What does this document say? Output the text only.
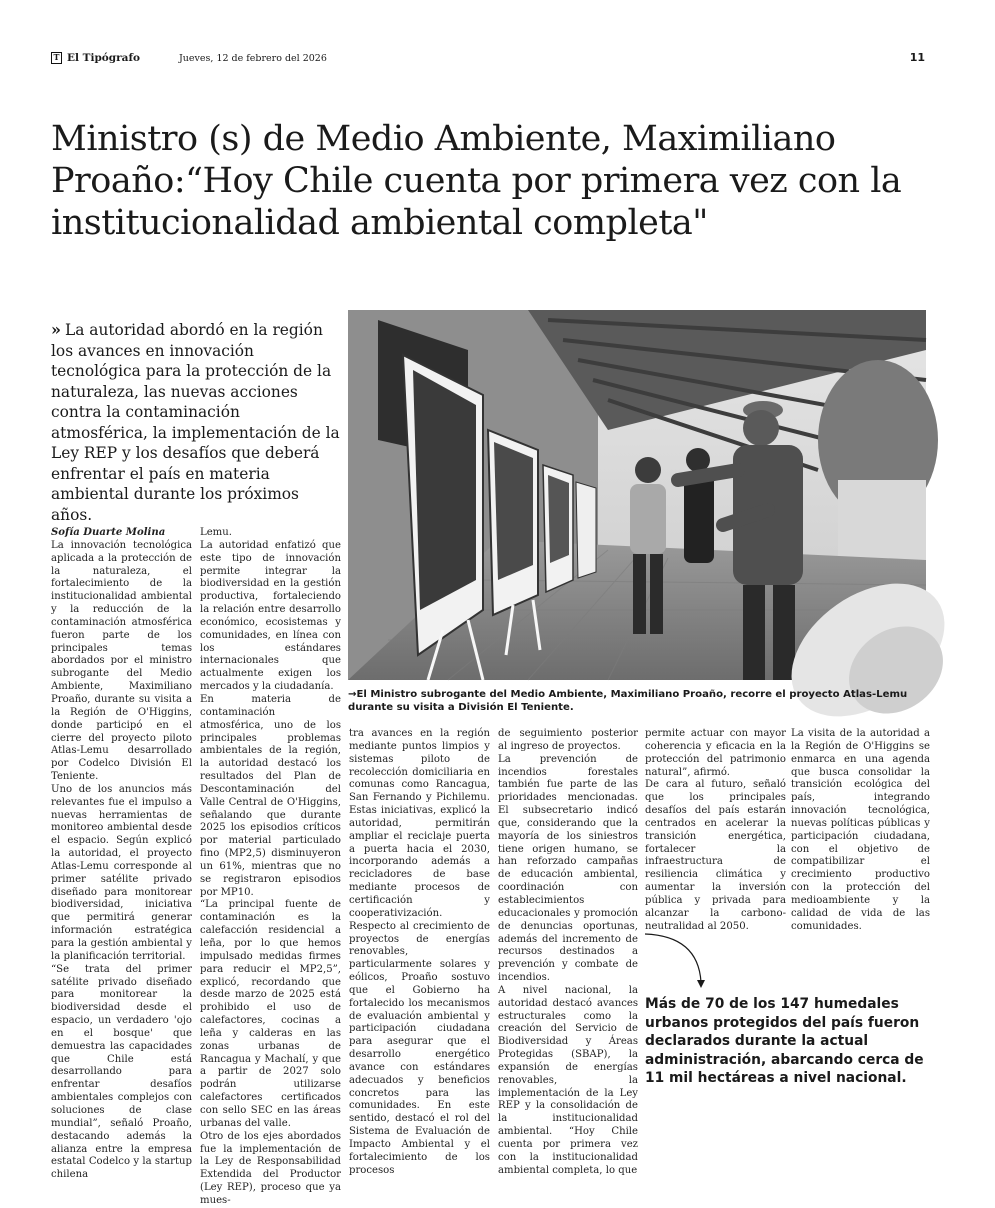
T El Tipógrafo	Jueves, 12 de febrero del 2026	11
Ministro (s) de Medio Ambiente, Maximiliano
Proaño:“Hoy Chile cuenta por primera vez con la
institucionalidad ambiental completa"
» La autoridad abordó en la región los avances en innovación tecnológica para la protección de la naturaleza, las nuevas acciones contra la contaminación atmosférica, la implementación de la Ley REP y los desafíos que deberá enfrentar el país en materia ambiental durante los próximos años.
→El Ministro subrogante del Medio Ambiente, Maximiliano Proaño, recorre el proyecto Atlas-Lemu durante su visita a División El Teniente.

Sofía Duarte Molina

La innovación tecnológica aplicada a la protección de la naturaleza, el fortalecimiento de la institucionalidad ambiental y la reducción de la contaminación atmosférica fueron parte de los principales temas abordados por el ministro subrogante del Medio Ambiente, Maximiliano Proaño, durante su visita a la Región de O'Higgins, donde participó en el cierre del proyecto piloto Atlas-Lemu desarrollado por Codelco División El Teniente.

Uno de los anuncios más relevantes fue el impulso a nuevas herramientas de monitoreo ambiental desde el espacio. Según explicó la autoridad, el proyecto Atlas-Lemu corresponde al primer satélite privado diseñado para monitorear biodiversidad, iniciativa que permitirá generar información estratégica para la gestión ambiental y la planificación territorial.

“Se trata del primer satélite privado diseñado para monitorear la biodiversidad desde el espacio, un verdadero 'ojo en el bosque' que demuestra las capacidades que Chile está desarrollando para enfrentar desafíos ambientales complejos con soluciones de clase mundial”, señaló Proaño, destacando además la alianza entre la empresa estatal Codelco y la startup chilena

Lemu.

La autoridad enfatizó que este tipo de innovación permite integrar la biodiversidad en la gestión productiva, fortaleciendo la relación entre desarrollo económico, ecosistemas y comunidades, en línea con los estándares internacionales que actualmente exigen los mercados y la ciudadanía.

En materia de contaminación atmosférica, uno de los principales problemas ambientales de la región, la autoridad destacó los resultados del Plan de Descontaminación del Valle Central de O'Higgins, señalando que durante 2025 los episodios críticos por material particulado fino (MP2,5) disminuyeron un 61%, mientras que no se registraron episodios por MP10.

“La principal fuente de contaminación es la calefacción residencial a leña, por lo que hemos impulsado medidas firmes para reducir el MP2,5”, explicó, recordando que desde marzo de 2025 está prohibido el uso de calefactores, cocinas a leña y calderas en las zonas urbanas de Rancagua y Machalí, y que a partir de 2027 solo podrán utilizarse calefactores certificados con sello SEC en las áreas urbanas del valle.

Otro de los ejes abordados fue la implementación de la Ley de Responsabilidad Extendida del Productor (Ley REP), proceso que ya mues-

tra avances en la región mediante puntos limpios y sistemas piloto de recolección domiciliaria en comunas como Rancagua, San Fernando y Pichilemu. Estas iniciativas, explicó la autoridad, permitirán ampliar el reciclaje puerta a puerta hacia el 2030, incorporando además a recicladores de base mediante procesos de certificación y cooperativización.

Respecto al crecimiento de proyectos de energías renovables, particularmente solares y eólicos, Proaño sostuvo que el Gobierno ha fortalecido los mecanismos de evaluación ambiental y participación ciudadana para asegurar que el desarrollo energético avance con estándares adecuados y beneficios concretos para las comunidades. En este sentido, destacó el rol del Sistema de Evaluación de Impacto Ambiental y el fortalecimiento de los procesos

de seguimiento posterior al ingreso de proyectos.

La prevención de incendios forestales también fue parte de las prioridades mencionadas. El subsecretario indicó que, considerando que la mayoría de los siniestros tiene origen humano, se han reforzado campañas de educación ambiental, coordinación con establecimientos educacionales y promoción de denuncias oportunas, además del incremento de recursos destinados a prevención y combate de incendios.

A nivel nacional, la autoridad destacó avances estructurales como la creación del Servicio de Biodiversidad y Áreas Protegidas (SBAP), la expansión de energías renovables, la implementación de la Ley REP y la consolidación de la institucionalidad ambiental. “Hoy Chile cuenta por primera vez con la institucionalidad ambiental completa, lo que

permite actuar con mayor coherencia y eficacia en la protección del patrimonio natural”, afirmó.

De cara al futuro, señaló que los principales desafíos del país estarán centrados en acelerar la transición energética, fortalecer la infraestructura de resiliencia climática y aumentar la inversión pública y privada para alcanzar la carbono-neutralidad al 2050.

La visita de la autoridad a la Región de O'Higgins se enmarca en una agenda que busca consolidar la transición ecológica del país, integrando innovación tecnológica, nuevas políticas públicas y participación ciudadana, con el objetivo de compatibilizar el crecimiento productivo con la protección del medioambiente y la calidad de vida de las comunidades.

Más de 70 de los 147 humedales urbanos protegidos del país fueron declarados durante la actual administración, abarcando cerca de 11 mil hectáreas a nivel nacional.
